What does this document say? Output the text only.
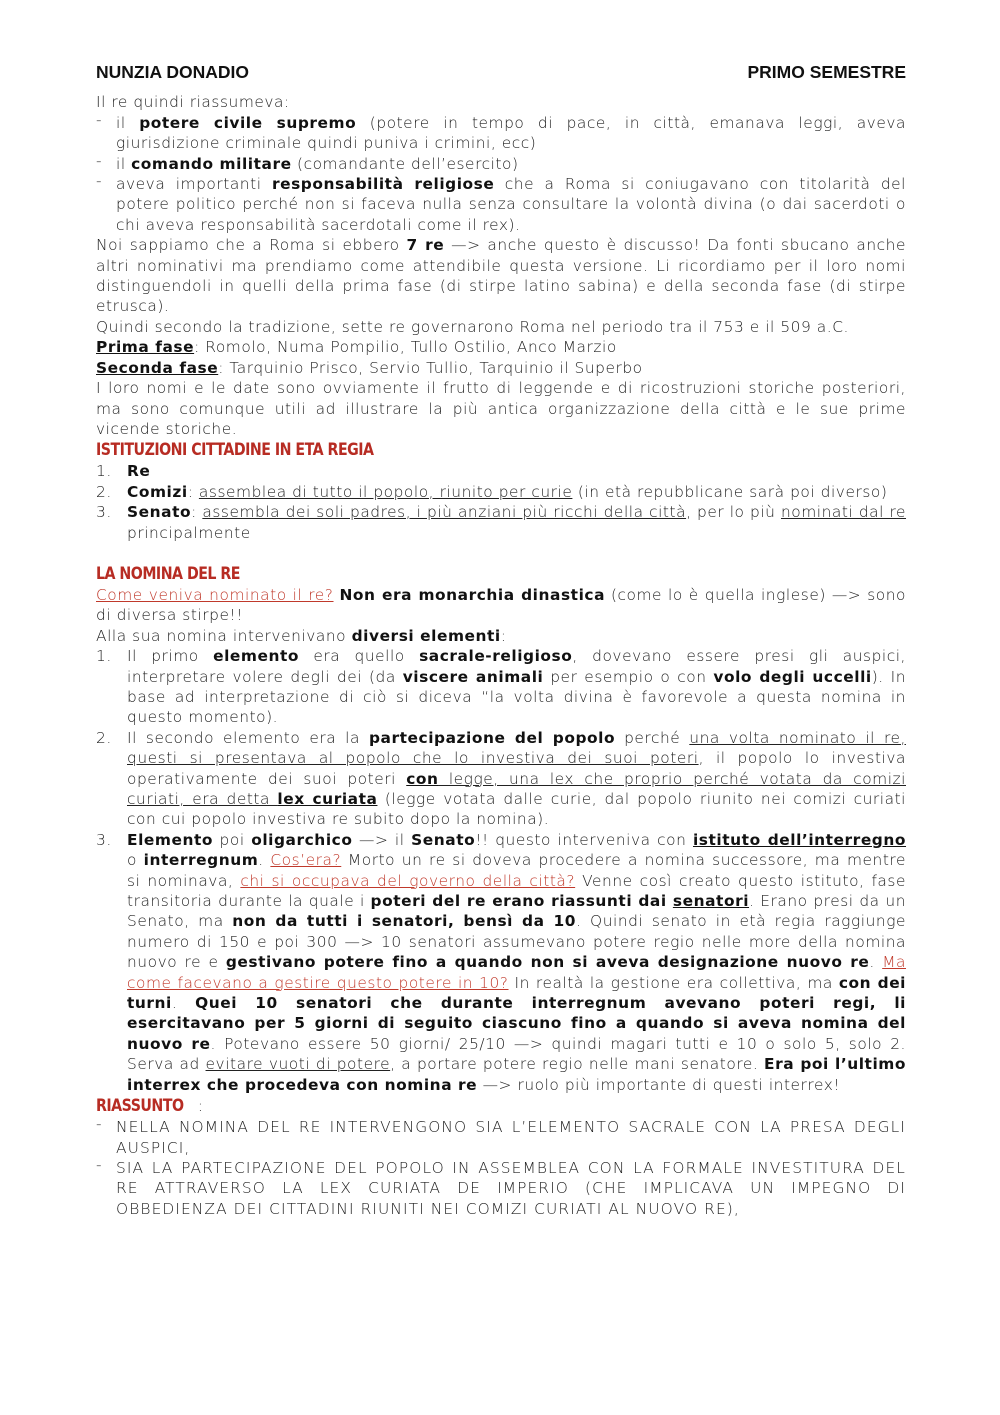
NUNZIA DONADIO	PRIMO SEMESTRE

Il re quindi riassumeva:

‑ il potere civile supremo (potere in tempo di pace, in città, emanava leggi, aveva giurisdizione criminale quindi puniva i crimini, ecc)
‑ il comando militare (comandante dell’esercito)
‑ aveva importanti responsabilità religiose che a Roma si coniugavano con titolarità del potere politico perché non si faceva nulla senza consultare la volontà divina (o dai sacerdoti o chi aveva responsabilità sacerdotali come il rex).

Noi sappiamo che a Roma si ebbero 7 re —> anche questo è discusso! Da fonti sbucano anche altri nominativi ma prendiamo come attendibile questa versione. Li ricordiamo per il loro nomi distinguendoli in quelli della prima fase (di stirpe latino sabina) e della seconda fase (di stirpe etrusca).

Quindi secondo la tradizione, sette re governarono Roma nel periodo tra il 753 e il 509 a.C.

Prima fase: Romolo, Numa Pompilio, Tullo Ostilio, Anco Marzio

Seconda fase: Tarquinio Prisco, Servio Tullio, Tarquinio il Superbo

I loro nomi e le date sono ovviamente il frutto di leggende e di ricostruzioni storiche posteriori, ma sono comunque utili ad illustrare la più antica organizzazione della città e le sue prime vicende storiche.

ISTITUZIONI CITTADINE IN ETA REGIA
1. Re
2. Comizi: assemblea di tutto il popolo, riunito per curie (in età repubblicane sarà poi diverso)
3. Senato: assembla dei soli padres, i più anziani più ricchi della città, per lo più nominati dal re principalmente
LA NOMINA DEL RE

Come veniva nominato il re? Non era monarchia dinastica (come lo è quella inglese) —> sono di diversa stirpe!!

Alla sua nomina intervenivano diversi elementi:

1. Il primo elemento era quello sacrale-religioso, dovevano essere presi gli auspici, interpretare volere degli dei (da viscere animali per esempio o con volo degli uccelli). In base ad interpretazione di ciò si diceva “la volta divina è favorevole a questa nomina in questo momento).
2. Il secondo elemento era la partecipazione del popolo perché una volta nominato il re, questi si presentava al popolo che lo investiva dei suoi poteri, il popolo lo investiva operativamente dei suoi poteri con legge, una lex che proprio perché votata da comizi curiati, era detta lex curiata (legge votata dalle curie, dal popolo riunito nei comizi curiati con cui popolo investiva re subito dopo la nomina).
3. Elemento poi oligarchico —> il Senato!! questo interveniva con istituto dell’interregno o interregnum. Cos’era? Morto un re si doveva procedere a nomina successore, ma mentre si nominava, chi si occupava del governo della città? Venne così creato questo istituto, fase transitoria durante la quale i poteri del re erano riassunti dai senatori. Erano presi da un Senato, ma non da tutti i senatori, bensì da 10. Quindi senato in età regia raggiunge numero di 150 e poi 300 —> 10 senatori assumevano potere regio nelle more della nomina nuovo re e gestivano potere fino a quando non si aveva designazione nuovo re. Ma come facevano a gestire questo potere in 10? In realtà la gestione era collettiva, ma con dei turni. Quei 10 senatori che durante interregnum avevano poteri regi, li esercitavano per 5 giorni di seguito ciascuno fino a quando si aveva nomina del nuovo re. Potevano essere 50 giorni/ 25/10 —> quindi magari tutti e 10 o solo 5, solo 2. Serva ad evitare vuoti di potere, a portare potere regio nelle mani senatore. Era poi l’ultimo interrex che procedeva con nomina re —> ruolo più importante di questi interrex!

RIASSUNTO :

‑ NELLA NOMINA DEL RE INTERVENGONO SIA L’ELEMENTO SACRALE CON LA PRESA DEGLI AUSPICI,
‑ SIA LA PARTECIPAZIONE DEL POPOLO IN ASSEMBLEA CON LA FORMALE INVESTITURA DEL RE ATTRAVERSO LA LEX CURIATA DE IMPERIO (CHE IMPLICAVA UN IMPEGNO DI OBBEDIENZA DEI CITTADINI RIUNITI NEI COMIZI CURIATI AL NUOVO RE),
